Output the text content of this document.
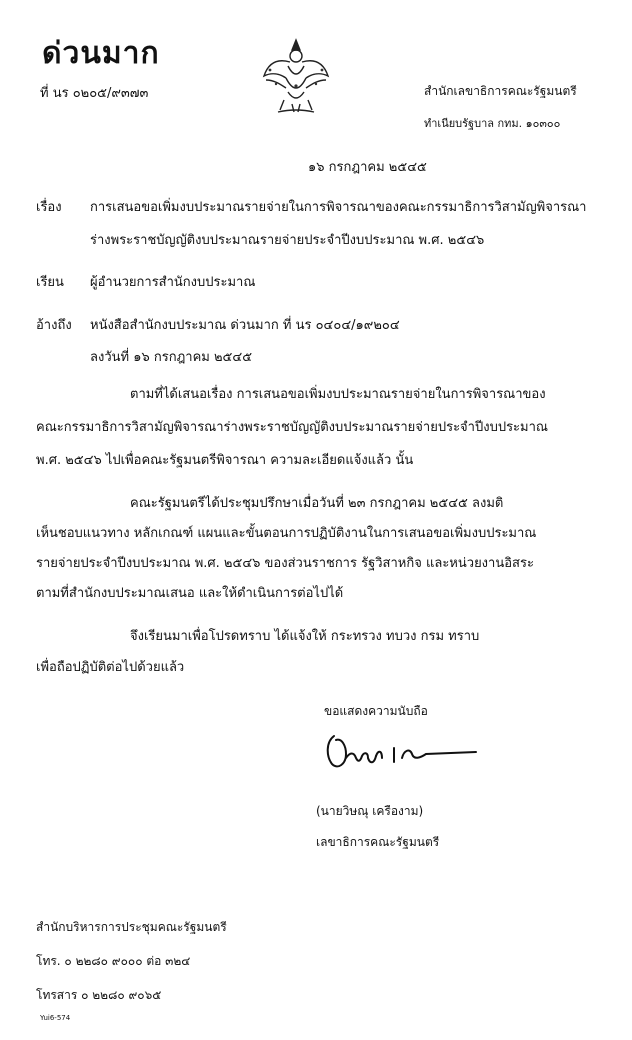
ด่วนมาก
ที่ นร ๐๒๐๕/๙๓๗๓	สำนักเลขาธิการคณะรัฐมนตรี
ทำเนียบรัฐบาล กทม. ๑๐๓๐๐
๑๖ กรกฎาคม ๒๕๔๕
เรื่อง การเสนอขอเพิ่มงบประมาณรายจ่ายในการพิจารณาของคณะกรรมาธิการวิสามัญพิจารณา
ร่างพระราชบัญญัติงบประมาณรายจ่ายประจำปีงบประมาณ พ.ศ. ๒๕๔๖
เรียน ผู้อำนวยการสำนักงบประมาณ
อ้างถึง หนังสือสำนักงบประมาณ ด่วนมาก ที่ นร ๐๔๐๔/๑๙๒๐๔
ลงวันที่ ๑๖ กรกฎาคม ๒๕๔๕
ตามที่ได้เสนอเรื่อง การเสนอขอเพิ่มงบประมาณรายจ่ายในการพิจารณาของ
คณะกรรมาธิการวิสามัญพิจารณาร่างพระราชบัญญัติงบประมาณรายจ่ายประจำปีงบประมาณ
พ.ศ. ๒๕๔๖ ไปเพื่อคณะรัฐมนตรีพิจารณา ความละเอียดแจ้งแล้ว นั้น
คณะรัฐมนตรีได้ประชุมปรึกษาเมื่อวันที่ ๒๓ กรกฎาคม ๒๕๔๕ ลงมติ
เห็นชอบแนวทาง หลักเกณฑ์ แผนและขั้นตอนการปฏิบัติงานในการเสนอขอเพิ่มงบประมาณ
รายจ่ายประจำปีงบประมาณ พ.ศ. ๒๕๔๖ ของส่วนราชการ รัฐวิสาหกิจ และหน่วยงานอิสระ
ตามที่สำนักงบประมาณเสนอ และให้ดำเนินการต่อไปได้
จึงเรียนมาเพื่อโปรดทราบ ได้แจ้งให้ กระทรวง ทบวง กรม ทราบ
เพื่อถือปฏิบัติต่อไปด้วยแล้ว
ขอแสดงความนับถือ
(นายวิษณุ เครืองาม)
เลขาธิการคณะรัฐมนตรี
สำนักบริหารการประชุมคณะรัฐมนตรี
โทร. ๐ ๒๒๘๐ ๙๐๐๐ ต่อ ๓๒๔
โทรสาร ๐ ๒๒๘๐ ๙๐๖๕
Yui6-574
